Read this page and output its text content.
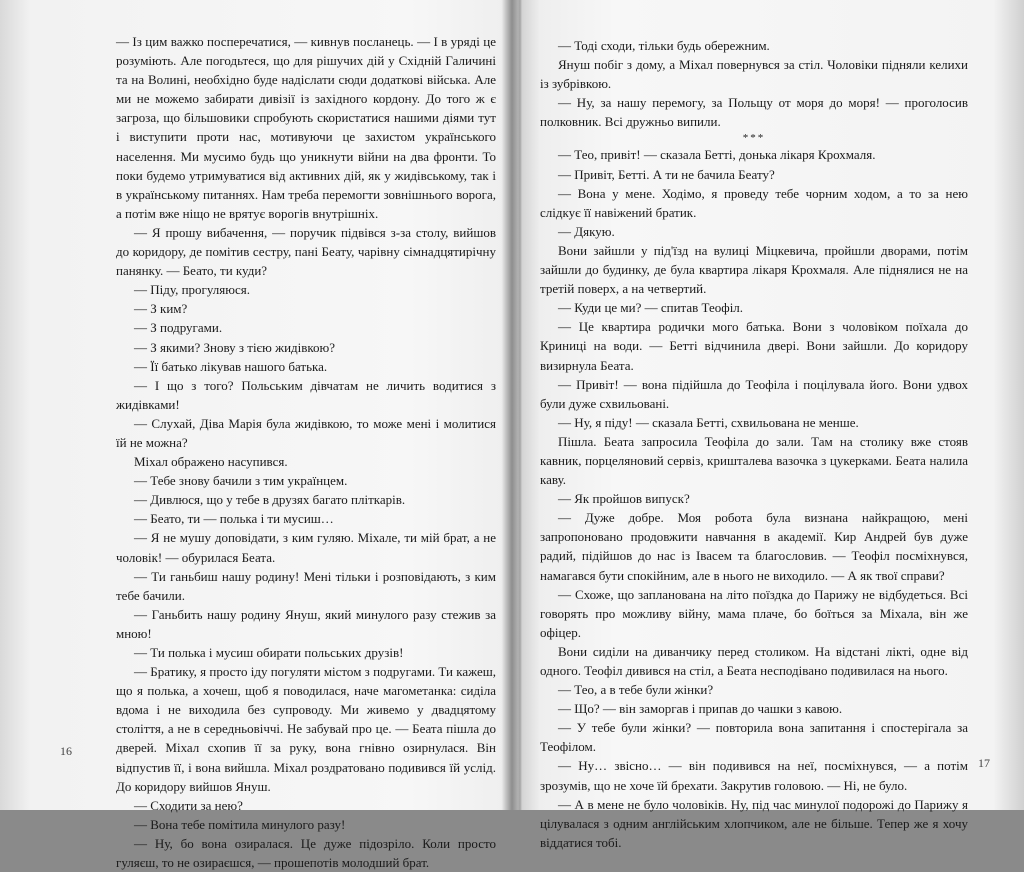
— Із цим важко посперечатися, — кивнув посланець. — І в уряді це розуміють. Але погодьтеся, що для рішучих дій у Східній Галичині та на Волині, необхідно буде надіслати сюди додаткові війська. Але ми не можемо забирати дивізії із західного кордону. До того ж є загроза, що більшовики спробують скористатися нашими діями тут і виступити проти нас, мотивуючи це захистом українського населення. Ми мусимо будь що уникнути війни на два фронти. То поки будемо утримуватися від активних дій, як у жидівському, так і в українському питаннях. Нам треба перемогти зовнішнього ворога, а потім вже ніщо не врятує ворогів внутрішніх.

— Я прошу вибачення, — поручик підвівся з-за столу, вийшов до коридору, де помітив сестру, пані Беату, чарівну сімнадцятирічну панянку. — Беато, ти куди?

— Піду, прогуляюся.

— З ким?

— З подругами.

— З якими? Знову з тією жидівкою?

— Її батько лікував нашого батька.

— І що з того? Польським дівчатам не личить водитися з жидівками!

— Слухай, Діва Марія була жидівкою, то може мені і молитися їй не можна?

Міхал ображено насупився.

— Тебе знову бачили з тим українцем.

— Дивлюся, що у тебе в друзях багато пліткарів.

— Беато, ти — полька і ти мусиш…

— Я не мушу доповідати, з ким гуляю. Міхале, ти мій брат, а не чоловік! — обурилася Беата.

— Ти ганьбиш нашу родину! Мені тільки і розповідають, з ким тебе бачили.

— Ганьбить нашу родину Януш, який минулого разу стежив за мною!

— Ти полька і мусиш обирати польських друзів!

— Братику, я просто іду погуляти містом з подругами. Ти кажеш, що я полька, а хочеш, щоб я поводилася, наче магометанка: сиділа вдома і не виходила без супроводу. Ми живемо у двадцятому століття, а не в середньовіччі. Не забувай про це. — Беата пішла до дверей. Міхал схопив її за руку, вона гнівно озирнулася. Він відпустив її, і вона вийшла. Міхал роздратовано подивився їй услід. До коридору вийшов Януш.

— Сходити за нею?

— Вона тебе помітила минулого разу!

— Ну, бо вона озиралася. Це дуже підозріло. Коли просто гуляєш, то не озираєшся, — прошепотів молодший брат.

16

— Тоді сходи, тільки будь обережним.

Януш побіг з дому, а Міхал повернувся за стіл. Чоловіки підняли келихи із зубрівкою.

— Ну, за нашу перемогу, за Польщу от моря до моря! — проголосив полковник. Всі дружньо випили.

***

— Тео, привіт! — сказала Бетті, донька лікаря Крохмаля.

— Привіт, Бетті. А ти не бачила Беату?

— Вона у мене. Ходімо, я проведу тебе чорним ходом, а то за нею слідкує її навіжений братик.

— Дякую.

Вони зайшли у під'їзд на вулиці Міцкевича, пройшли дворами, потім зайшли до будинку, де була квартира лікаря Крохмаля. Але піднялися не на третій поверх, а на четвертий.

— Куди це ми? — спитав Теофіл.

— Це квартира родички мого батька. Вони з чоловіком поїхала до Криниці на води. — Бетті відчинила двері. Вони зайшли. До коридору визирнула Беата.

— Привіт! — вона підійшла до Теофіла і поцілувала його. Вони удвох були дуже схвильовані.

— Ну, я піду! — сказала Бетті, схвильована не менше.

Пішла. Беата запросила Теофіла до зали. Там на столику вже стояв кавник, порцеляновий сервіз, кришталева вазочка з цукерками. Беата налила каву.

— Як пройшов випуск?

— Дуже добре. Моя робота була визнана найкращою, мені запропоновано продовжити навчання в академії. Кир Андрей був дуже радий, підійшов до нас із Івасем та благословив. — Теофіл посміхнувся, намагався бути спокійним, але в нього не виходило. — А як твої справи?

— Схоже, що запланована на літо поїздка до Парижу не відбудеться. Всі говорять про можливу війну, мама плаче, бо боїться за Міхала, він же офіцер.

Вони сиділи на диванчику перед столиком. На відстані лікті, одне від одного. Теофіл дивився на стіл, а Беата несподівано подивилася на нього.

— Тео, а в тебе були жінки?

— Що? — він заморгав і припав до чашки з кавою.

— У тебе були жінки? — повторила вона запитання і спостерігала за Теофілом.

— Ну… звісно… — він подивився на неї, посміхнувся, — а потім зрозумів, що не хоче їй брехати. Закрутив головою. — Ні, не було.

— А в мене не було чоловіків. Ну, під час минулої подорожі до Парижу я цілувалася з одним англійським хлопчиком, але не більше. Тепер же я хочу віддатися тобі.

17
